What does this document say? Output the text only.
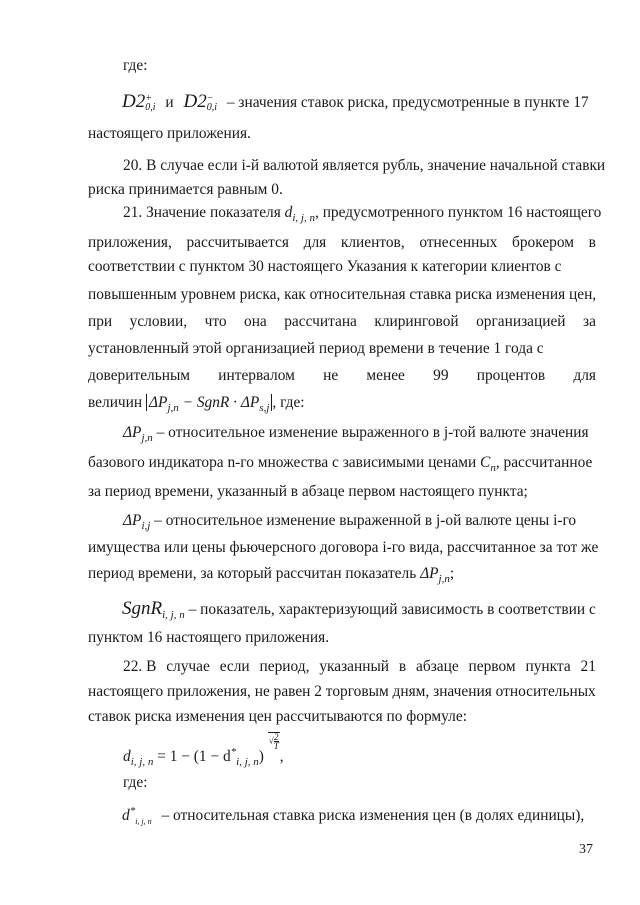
где:
D2 +
0,i и D2 −
0,i – значения ставок риска, предусмотренные в пункте 17
настоящего приложения.
20. В случае если i-й валютой является рубль, значение начальной ставки
риска принимается равным 0.
21. Значение показателя $d_{i, j, n}$, предусмотренного пунктом 16 настоящего
приложения, рассчитывается для клиентов, отнесенных брокером в
соответствии с пунктом 30 настоящего Указания к категории клиентов с
повышенным уровнем риска, как относительная ставка риска изменения цен,
при условии, что она рассчитана клиринговой организацией за
установленный этой организацией период времени в течение 1 года с
доверительным интервалом не менее 99 процентов для
величин $\Delta P_{j,n}$ − SgnR · $\Delta P_{s,j}$ , где:
$\Delta P_{j,n}$ – относительное изменение выраженного в j-той валюте значения
базового индикатора n-го множества с зависимыми ценами $C_n$, рассчитанное
за период времени, указанный в абзаце первом настоящего пункта;
$\Delta P_{i,j}$ – относительное изменение выраженной в j-ой валюте цены i-го
имущества или цены фьючерсного договора i-го вида, рассчитанное за тот же
период времени, за который рассчитан показатель $\Delta P_{j,n}$;
SgnR$_{i, j, n}$ – показатель, характеризующий зависимость в соответствии с
пунктом 16 настоящего приложения.
22. В случае если период, указанный в абзаце первом пункта 21
настоящего приложения, не равен 2 торговым дням, значения относительных
ставок риска изменения цен рассчитываются по формуле:
$d_{i, j, n} = 1 - (1 - d^*_{i, j, n})$
√ $\frac{2}{T}$
,
где:
$d^*_{i, j, n}$ – относительная ставка риска изменения цен (в долях единицы),
37
